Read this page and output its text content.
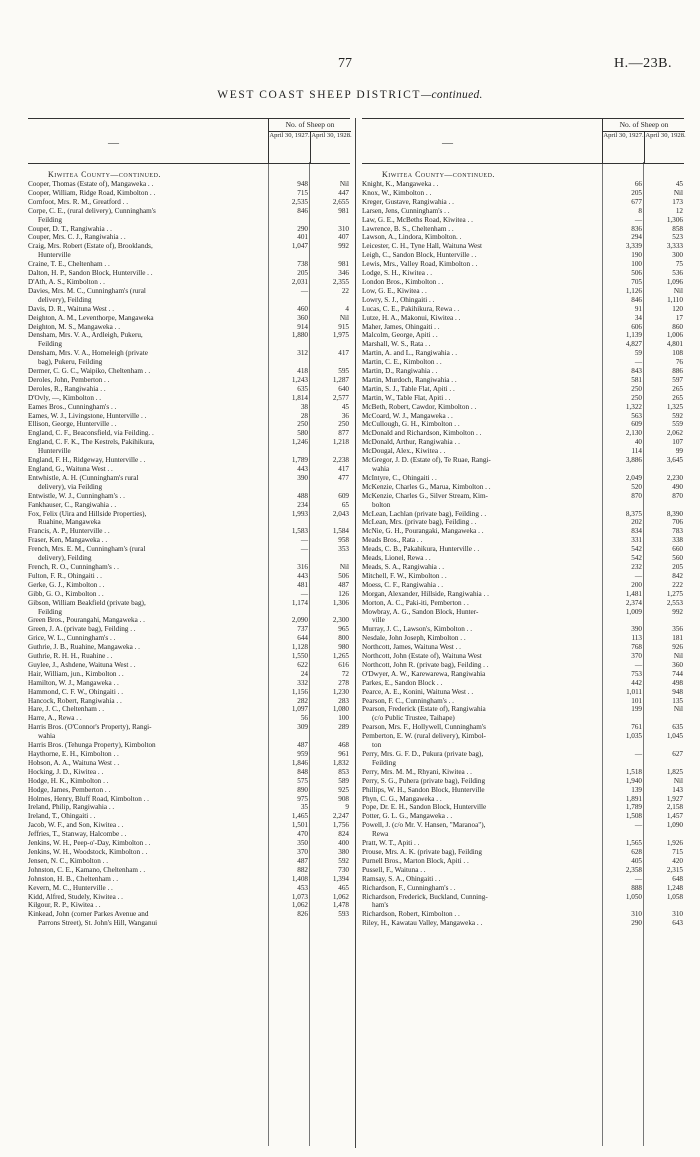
77	H.—23B.
WEST COAST SHEEP DISTRICT—continued.
—
No. of Sheep on
April 30, 1927. April 30, 1928.
Kiwitea County—continued.
Cooper, Thomas (Estate of), Mangaweka . .	948	Nil
Cooper, William, Ridge Road, Kimbolton . .	715	447
Cornfoot, Mrs. R. M., Greatford . .	2,535	2,655
Corpe, C. E., (rural delivery), Cunningham's
Feilding
846	981
Couper, D. T., Rangiwahia . .	290	310
Couper, Mrs. C. J., Rangiwahia . .	401	407
Craig, Mrs. Robert (Estate of), Brooklands,
Hunterville
1,047	992
Craine, T. E., Cheltenham . .	738	981
Dalton, H. P., Sandon Block, Hunterville . .	205	346
D'Ath, A. S., Kimbolton . .	2,031	2,355
Davies, Mrs. M. C., Cunningham's (rural
delivery), Feilding
—	22
Davis, D. R., Waituna West . .	460	4
Deighton, A. M., Leventhorpe, Mangaweka	360	Nil
Deighton, M. S., Mangaweka . .	914	915
Densham, Mrs. V. A., Ardleigh, Pukeru,
Feilding
1,880	1,975
Densham, Mrs. V. A., Homeleigh (private
bag), Pukeru, Feilding
312	417
Dermer, C. G. C., Waipiko, Cheltenham . .	418	595
Deroles, John, Pemberton . .	1,243	1,287
Deroles, R., Rangiwahia . .	635	640
D'Ovly, —, Kimbolton . .	1,814	2,577
Eames Bros., Cunningham's . .	38	45
Eames, W. J., Livingstone, Hunterville . .	28	36
Ellison, George, Hunterville . .	250	250
England, C. F., Beaconsfield, via Feilding. .	580	877
England, C. F. K., The Kestrels, Pakihikura,
Hunterville
1,246	1,218
England, F. H., Ridgeway, Hunterville . .	1,789	2,238
England, G., Waituna West . .	443	417
Entwhistle, A. H. (Cunningham's rural
delivery), via Feilding
390	477
Entwistle, W. J., Cunningham's . .	488	609
Fankhauser, C., Rangiwahia . .	234	65
Fox, Felix (Uira and Hillside Properties),
Ruahine, Mangaweka
1,993	2,043
Francis, A. P., Hunterville . .	1,583	1,584
Fraser, Ken, Mangaweka . .	—	958
French, Mrs. E. M., Cunningham's (rural
delivery), Feilding
—	353
French, R. O., Cunningham's . .	316	Nil
Fulton, F. R., Ohingaiti . .	443	506
Gerke, G. J., Kimbolton . .	481	487
Gibb, G. O., Kimbolton . .	—	126
Gibson, William Beakfield (private bag),
Feilding
1,174	1,306
Green Bros., Pourangahi, Mangaweka . .	2,090	2,300
Green, J. A. (private bag), Feilding . .	737	965
Grice, W. L., Cunningham's . .	644	800
Guthrie, J. B., Ruahine, Mangaweka . .	1,128	980
Guthrie, R. H. H., Ruahine . .	1,550	1,265
Guylee, J., Ashdene, Waituna West . .	622	616
Hair, William, jun., Kimbolton . .	24	72
Hamilton, W. J., Mangaweka . .	332	278
Hammond, C. F. W., Ohingaiti . .	1,156	1,230
Hancock, Robert, Rangiwahia . .	282	283
Hare, J. C., Cheltenham . .	1,097	1,080
Harre, A., Rewa . .	56	100
Harris Bros. (O'Connor's Property), Rangi-
wahia
309	289
Harris Bros. (Tehunga Property), Kimbolton	487	468
Haythorne, E. H., Kimbolton . .	959	961
Hobson, A. A., Waituna West . .	1,846	1,832
Hocking, J. D., Kiwitea . .	848	853
Hodge, H. K., Kimbolton . .	575	589
Hodge, James, Pemberton . .	890	925
Holmes, Henry, Bluff Road, Kimbolton . .	975	908
Ireland, Philip, Rangiwahia . .	35	9
Ireland, T., Ohingaiti . .	1,465	2,247
Jacob, W. F., and Son, Kiwitea . .	1,501	1,756
Jeffries, T., Stanway, Halcombe . .	470	824
Jenkins, W. H., Peep-o'-Day, Kimbolton . .	350	400
Jenkins, W. H., Woodstock, Kimbolton . .	370	380
Jensen, N. C., Kimbolton . .	487	592
Johnston, C. E., Kamano, Cheltenham . .	882	730
Johnston, H. B., Cheltenham . .	1,408	1,394
Kevern, M. C., Hunterville . .	453	465
Kidd, Alfred, Studely, Kiwitea . .	1,073	1,062
Kilgour, R. P., Kiwitea . .	1,062	1,478
Kinkead, John (corner Parkes Avenue and
Parrons Street), St. John's Hill, Wanganui
826	593
—
No. of Sheep on
April 30, 1927. April 30, 1928.
Kiwitea County—continued.
Knight, K., Mangaweka . .	66	45
Knox, W., Kimbolton . .	205	Nil
Kreger, Gustave, Rangiwahia . .	677	173
Larsen, Jens, Cunningham's . .	8	12
Law, G. E., McBeths Road, Kiwitea . .	—	1,306
Lawrence, B. S., Cheltenham . .	836	858
Lawson, A., Lindora, Kimbolton. .	294	523
Leicester, C. H., Tyne Hall, Waituna West	3,339	3,333
Leigh, C., Sandon Block, Hunterville . .	190	300
Lewis, Mrs., Valley Road, Kimbolton . .	100	75
Lodge, S. H., Kiwitea . .	506	536
London Bros., Kimbolton . .	705	1,096
Low, G. E., Kiwitea . .	1,126	Nil
Lowry, S. J., Ohingaiti . .	846	1,110
Lucas, C. E., Pakihikura, Rewa . .	91	120
Lutze, H. A., Makonui, Kiwitea . .	34	17
Maher, James, Ohingaiti . .	606	860
Malcolm, George, Apiti . .	1,139	1,006
Marshall, W. S., Rata . .	4,827	4,801
Martin, A. and L., Rangiwahia . .	59	108
Martin, C. E., Kimbolton . .	—	76
Martin, D., Rangiwahia . .	843	886
Martin, Murdoch, Rangiwahia . .	581	597
Martin, S. J., Table Flat, Apiti . .	250	265
Martin, W., Table Flat, Apiti . .	250	265
McBeth, Robert, Cawdor, Kimbolton . .	1,322	1,325
McCoard, W. J., Mangaweka . .	563	592
McCullough, G. H., Kimbolton . .	609	559
McDonald and Richardson, Kimbolton . .	2,130	2,062
McDonald, Arthur, Rangiwahia . .	40	107
McDougal, Alex., Kiwitea . .	114	99
McGregor, J. D. (Estate of), Te Ruae, Rangi-
wahia
3,886	3,645
McIntyre, C., Ohingaiti . .	2,049	2,230
McKenzie, Charles G., Marua, Kimbolton . .	520	490
McKenzie, Charles G., Silver Stream, Kim-
bolton
870	870
McLean, Lachlan (private bag), Feilding . .	8,375	8,390
McLean, Mrs. (private bag), Feilding . .	202	706
McNie, G. H., Pourangaki, Mangaweka . .	834	783
Meads Bros., Rata . .	331	338
Meads, C. B., Pakahikura, Hunterville . .	542	660
Meads, Lionel, Rewa . .	542	560
Meads, S. A., Rangiwahia . .	232	205
Mitchell, F. W., Kimbolton . .	—	842
Moess, C. F., Rangiwahia . .	200	222
Morgan, Alexander, Hillside, Rangiwahia . .	1,481	1,275
Morton, A. C., Paki-iti, Pemberton . .	2,374	2,553
Mowbray, A. G., Sandon Block, Hunter-
ville
1,009	992
Murray, J. C., Lawson's, Kimbolton . .	390	356
Nesdale, John Joseph, Kimbolton . .	113	181
Northcott, James, Waituna West . .	768	926
Northcott, John (Estate of), Waituna West	370	Nil
Northcott, John R. (private bag), Feilding . .	—	360
O'Dwyer, A. W., Karewarewa, Rangiwahia	753	744
Parkes, E., Sandon Block . .	442	498
Pearce, A. E., Konini, Waituna West . .	1,011	948
Pearson, F. C., Cunningham's . .	101	135
Pearson, Frederick (Estate of), Rangiwahia
(c/o Public Trustee, Taihape)
199	Nil
Pearson, Mrs. F., Hollywell, Cunningham's	761	635
Pemberton, E. W. (rural delivery), Kimbol-
ton
1,035	1,045
Perry, Mrs. G. F. D., Pukura (private bag),
Feilding
—	627
Perry, Mrs. M. M., Rhyani, Kiwitea . .	1,518	1,825
Perry, S. G., Puhera (private bag), Feilding	1,940	Nil
Phillips, W. H., Sandon Block, Hunterville	139	143
Phyn, C. G., Mangaweka . .	1,891	1,927
Pope, Dr. E. H., Sandon Block, Hunterville	1,789	2,158
Potter, G. L. G., Mangaweka . .	1,508	1,457
Powell, J. (c/o Mr. V. Hansen, "Maranoa"),
Rewa
—	1,090
Pratt, W. T., Apiti . .	1,565	1,926
Prouse, Mrs. A. K. (private bag), Feilding	628	715
Purnell Bros., Marton Block, Apiti . .	405	420
Pussell, F., Waituna . .	2,358	2,315
Ramsay, S. A., Ohingaiti . .	—	648
Richardson, F., Cunningham's . .	888	1,248
Richardson, Frederick, Buckland, Cunning-
ham's
1,050	1,058
Richardson, Robert, Kimbolton . .	310	310
Riley, H., Kawatau Valley, Mangaweka . .	290	643
